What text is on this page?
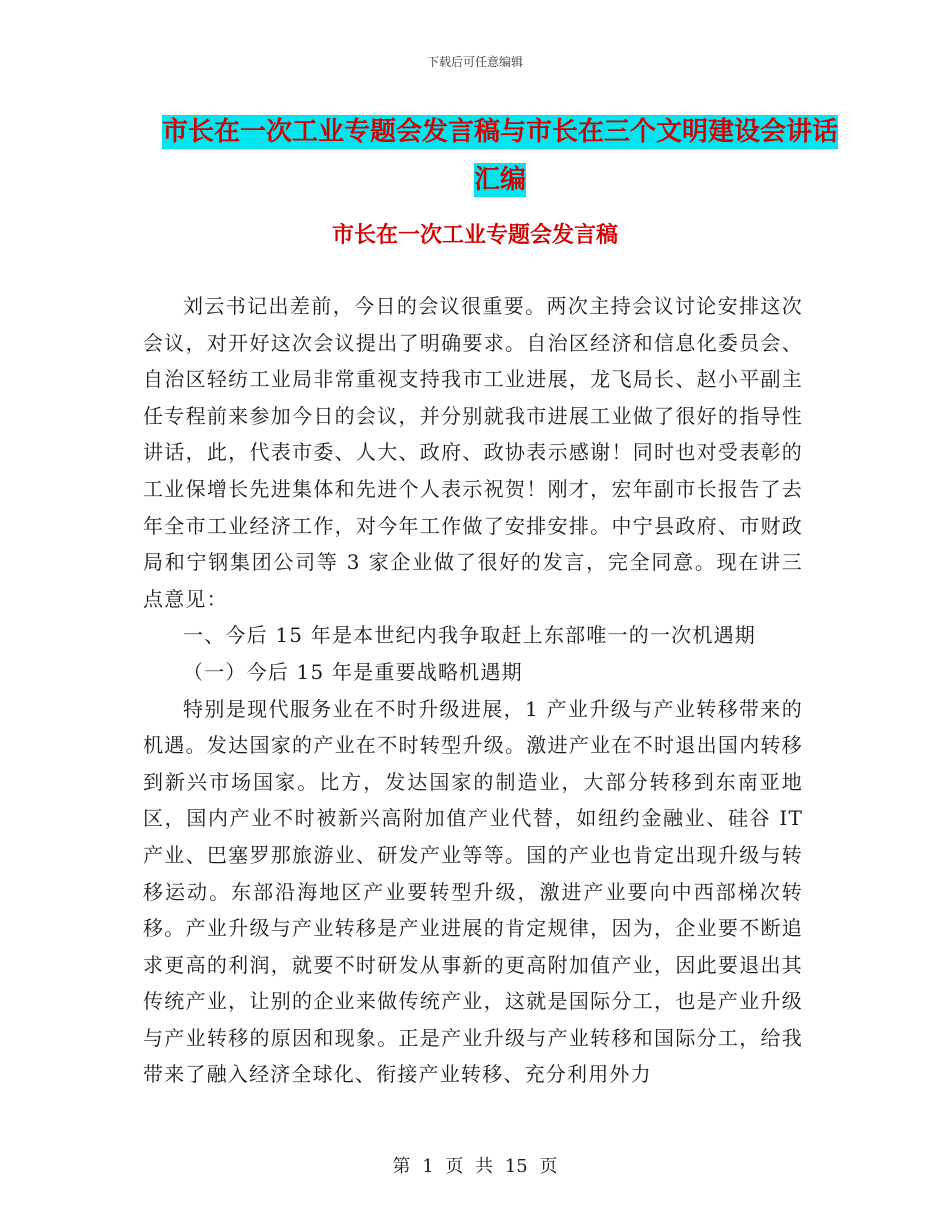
下载后可任意编辑
市长在一次工业专题会发言稿与市长在三个文明建设会讲话汇编
市长在一次工业专题会发言稿

刘云书记出差前，今日的会议很重要。两次主持会议讨论安排这次会议，对开好这次会议提出了明确要求。自治区经济和信息化委员会、自治区轻纺工业局非常重视支持我市工业进展，龙飞局长、赵小平副主任专程前来参加今日的会议，并分别就我市进展工业做了很好的指导性讲话，此，代表市委、人大、政府、政协表示感谢！同时也对受表彰的工业保增长先进集体和先进个人表示祝贺！刚才，宏年副市长报告了去年全市工业经济工作，对今年工作做了安排安排。中宁县政府、市财政局和宁钢集团公司等 3 家企业做了很好的发言，完全同意。现在讲三点意见：

一、今后 15 年是本世纪内我争取赶上东部唯一的一次机遇期

（一）今后 15 年是重要战略机遇期

特别是现代服务业在不时升级进展，1 产业升级与产业转移带来的机遇。发达国家的产业在不时转型升级。激进产业在不时退出国内转移到新兴市场国家。比方，发达国家的制造业，大部分转移到东南亚地区，国内产业不时被新兴高附加值产业代替，如纽约金融业、硅谷 IT 产业、巴塞罗那旅游业、研发产业等等。国的产业也肯定出现升级与转移运动。东部沿海地区产业要转型升级，激进产业要向中西部梯次转移。产业升级与产业转移是产业进展的肯定规律，因为，企业要不断追求更高的利润，就要不时研发从事新的更高附加值产业，因此要退出其传统产业，让别的企业来做传统产业，这就是国际分工，也是产业升级与产业转移的原因和现象。正是产业升级与产业转移和国际分工，给我带来了融入经济全球化、衔接产业转移、充分利用外力

第 1 页 共 15 页
